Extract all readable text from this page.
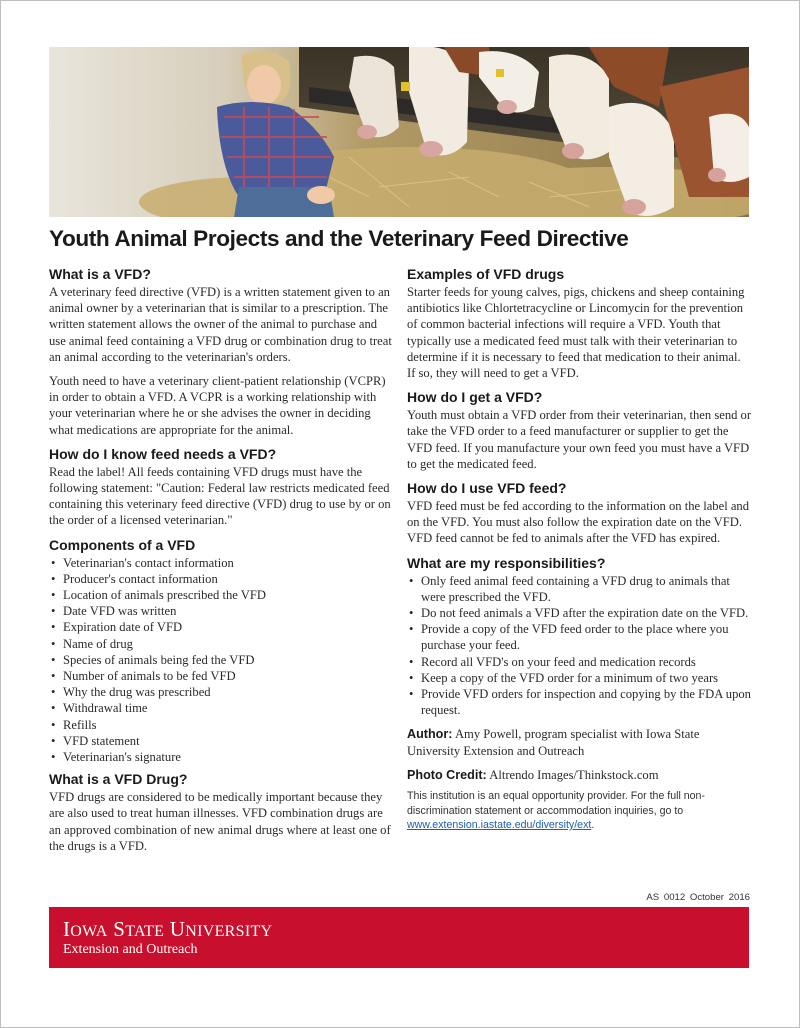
Youth Animal Projects and the Veterinary Feed Directive
What is a VFD?

A veterinary feed directive (VFD) is a written statement given to an animal owner by a veterinarian that is similar to a prescription. The written statement allows the owner of the animal to purchase and use animal feed containing a VFD drug or combination drug to treat an animal according to the veterinarian's orders.

Youth need to have a veterinary client-patient relationship (VCPR) in order to obtain a VFD. A VCPR is a working relationship with your veterinarian where he or she advises the owner in deciding what medications are appropriate for the animal.

How do I know feed needs a VFD?

Read the label! All feeds containing VFD drugs must have the following statement: "Caution: Federal law restricts medicated feed containing this veterinary feed directive (VFD) drug to use by or on the order of a licensed veterinarian."

Components of a VFD
• Veterinarian's contact information
• Producer's contact information
• Location of animals prescribed the VFD
• Date VFD was written
• Expiration date of VFD
• Name of drug
• Species of animals being fed the VFD
• Number of animals to be fed VFD
• Why the drug was prescribed
• Withdrawal time
• Refills
• VFD statement
• Veterinarian's signature
What is a VFD Drug?

VFD drugs are considered to be medically important because they are also used to treat human illnesses. VFD combination drugs are an approved combination of new animal drugs where at least one of the drugs is a VFD.

Examples of VFD drugs

Starter feeds for young calves, pigs, chickens and sheep containing antibiotics like Chlortetracycline or Lincomycin for the prevention of common bacterial infections will require a VFD. Youth that typically use a medicated feed must talk with their veterinarian to determine if it is necessary to feed that medication to their animal. If so, they will need to get a VFD.

How do I get a VFD?

Youth must obtain a VFD order from their veterinarian, then send or take the VFD order to a feed manufacturer or supplier to get the VFD feed. If you manufacture your own feed you must have a VFD to get the medicated feed.

How do I use VFD feed?

VFD feed must be fed according to the information on the label and on the VFD. You must also follow the expiration date on the VFD. VFD feed cannot be fed to animals after the VFD has expired.

What are my responsibilities?
• Only feed animal feed containing a VFD drug to animals that were prescribed the VFD.
• Do not feed animals a VFD after the expiration date on the VFD.
• Provide a copy of the VFD feed order to the place where you purchase your feed.
• Record all VFD's on your feed and medication records
• Keep a copy of the VFD order for a minimum of two years
• Provide VFD orders for inspection and copying by the FDA upon request.
Author: Amy Powell, program specialist with Iowa State University Extension and Outreach
Photo Credit: Altrendo Images/Thinkstock.com
This institution is an equal opportunity provider. For the full non-discrimination statement or accommodation inquiries, go to www.extension.iastate.edu/diversity/ext.
AS 0012 October 2016
IOWA STATE UNIVERSITY
Extension and Outreach
